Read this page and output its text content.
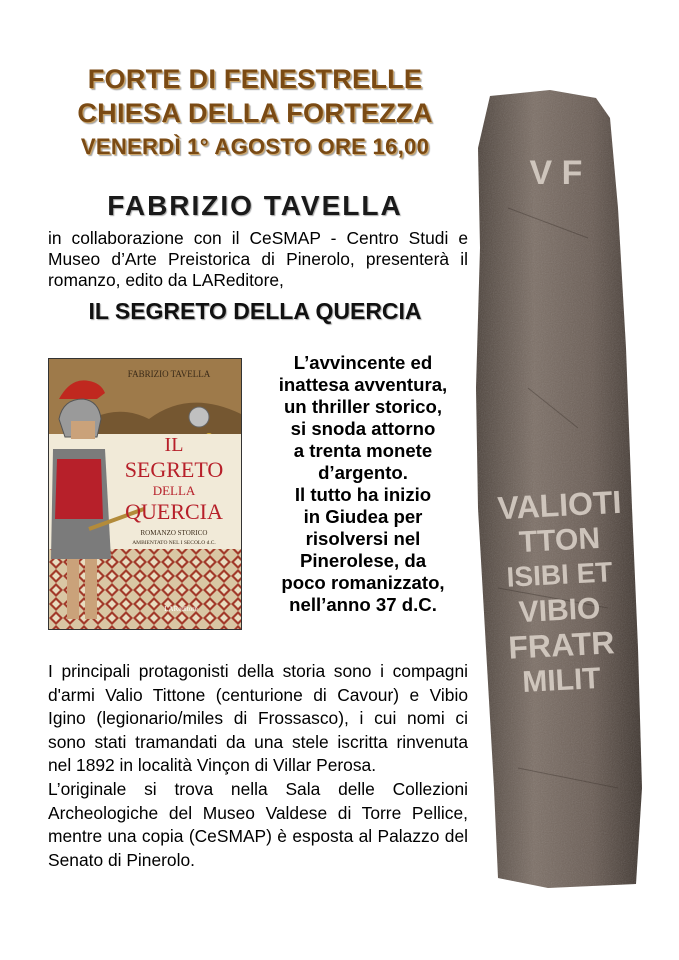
FORTE DI FENESTRELLE
CHIESA DELLA FORTEZZA
VENERDÌ 1° AGOSTO ORE 16,00
FABRIZIO TAVELLA
in collaborazione con il CeSMAP - Centro Studi e Museo d’Arte Preistorica di Pinerolo, presenterà il romanzo, edito da LAReditore,
IL SEGRETO DELLA QUERCIA
FABRIZIO TAVELLA
IL
SEGRETO
DELLA
QUERCIA
ROMANZO STORICO
AMBIENTATO NEL I SECOLO d.C.
LAReditore
L’avvincente ed
inattesa avventura,
un thriller storico,
si snoda attorno
a trenta monete
d’argento.
Il tutto ha inizio
in Giudea per
risolversi nel
Pinerolese, da
poco romanizzato,
nell’anno 37 d.C.

I principali protagonisti della storia sono i compagni d'armi Valio Tittone (centurione di Cavour) e Vibio Igino (legionario/miles di Frossasco), i cui nomi ci sono stati tramandati da una stele iscritta rinvenuta nel 1892 in località Vinçon di Villar Perosa.

L’originale si trova nella Sala delle Collezioni Archeologiche del Museo Valdese di Torre Pellice, mentre una copia (CeSMAP) è esposta al Palazzo del Senato di Pinerolo.

V F
VALIOTI
TTON
ISIBI ET
VIBIO
FRATR
MILIT
